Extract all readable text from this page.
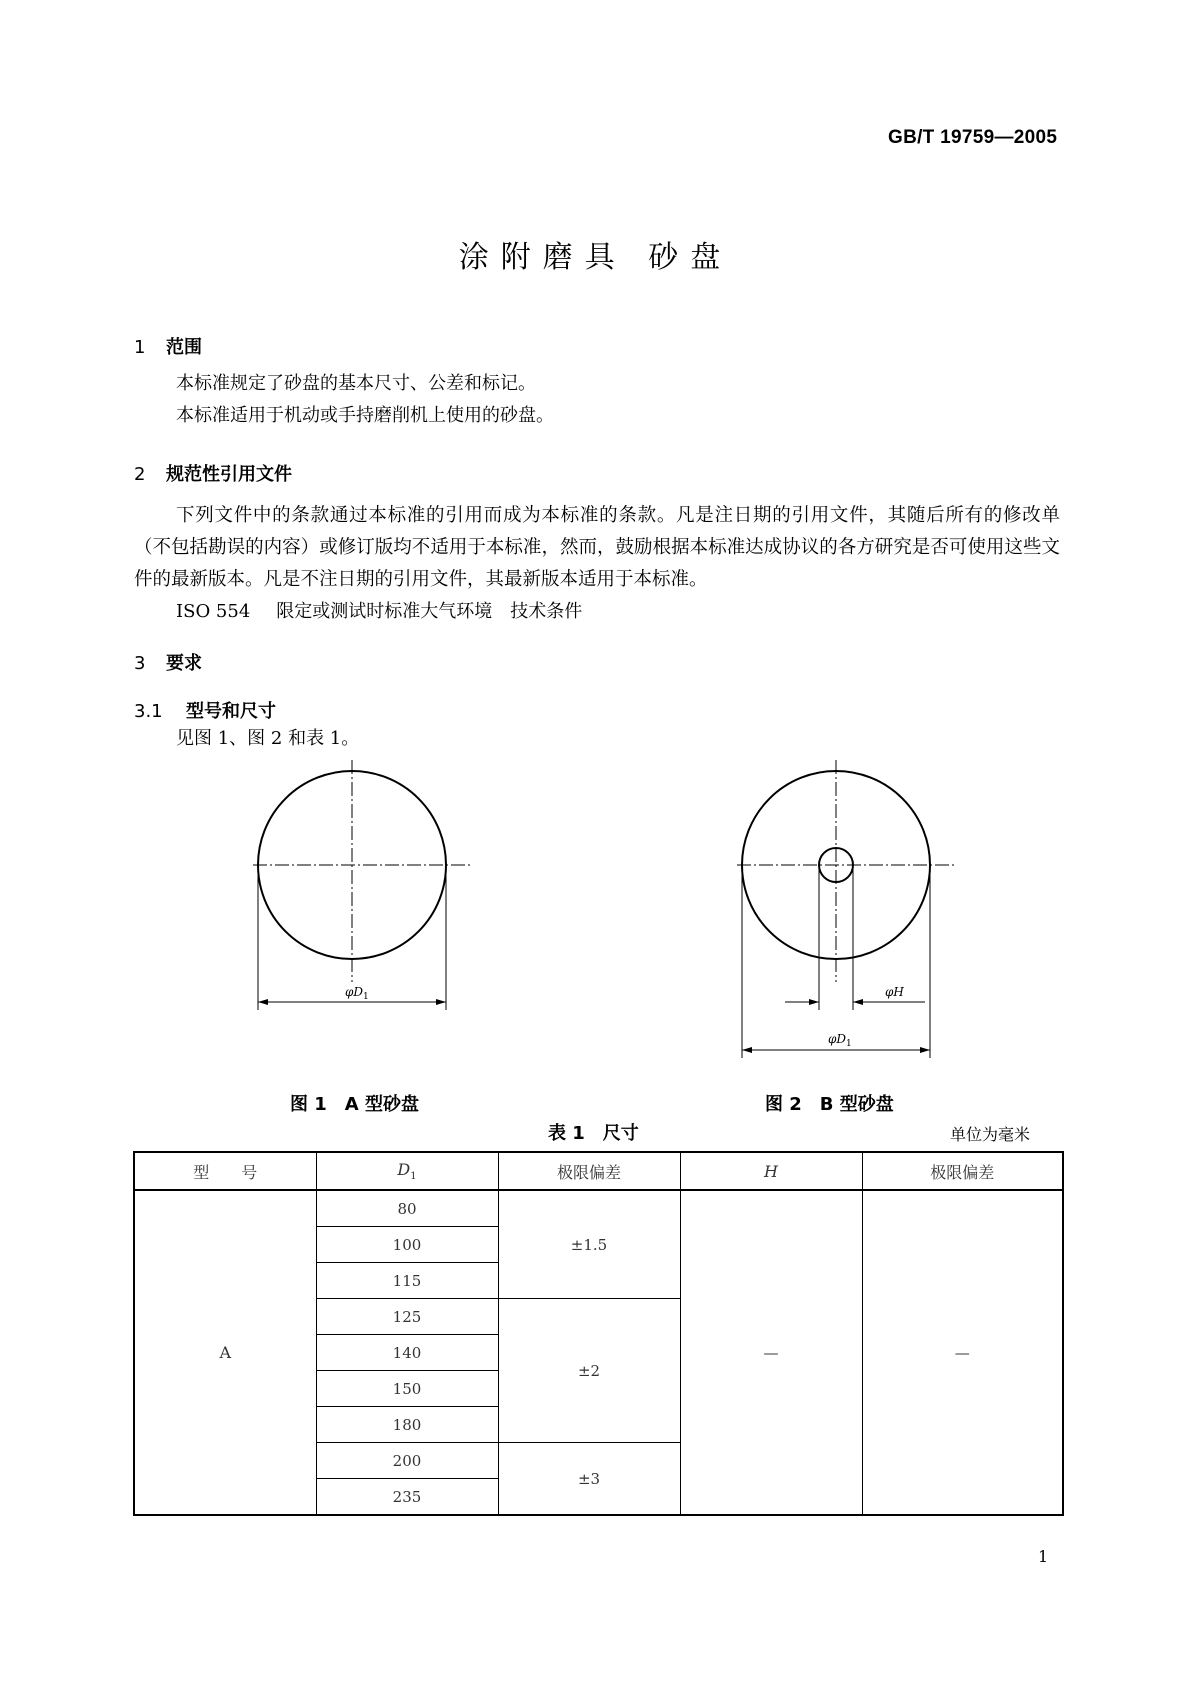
GB/T 19759—2005
涂附磨具 砂盘
1 范围
本标准规定了砂盘的基本尺寸、公差和标记。
本标准适用于机动或手持磨削机上使用的砂盘。
2 规范性引用文件
下列文件中的条款通过本标准的引用而成为本标准的条款。凡是注日期的引用文件，其随后所有的修改单（不包括勘误的内容）或修订版均不适用于本标准，然而，鼓励根据本标准达成协议的各方研究是否可使用这些文件的最新版本。凡是不注日期的引用文件，其最新版本适用于本标准。
ISO 554 限定或测试时标准大气环境　技术条件
3 要求
3.1 型号和尺寸
见图 1、图 2 和表 1。
$\varphi D_1$	φH
$\varphi D_1$
图 1　A 型砂盘	图 2　B 型砂盘
表 1　尺寸	单位为毫米
型　　号	$D_1$	极限偏差	H	极限偏差
A	80	±1.5	—	—
	100			
	115			
	125	±2		
	140			
	150			
	180			
	200	±3		
	235			
1
